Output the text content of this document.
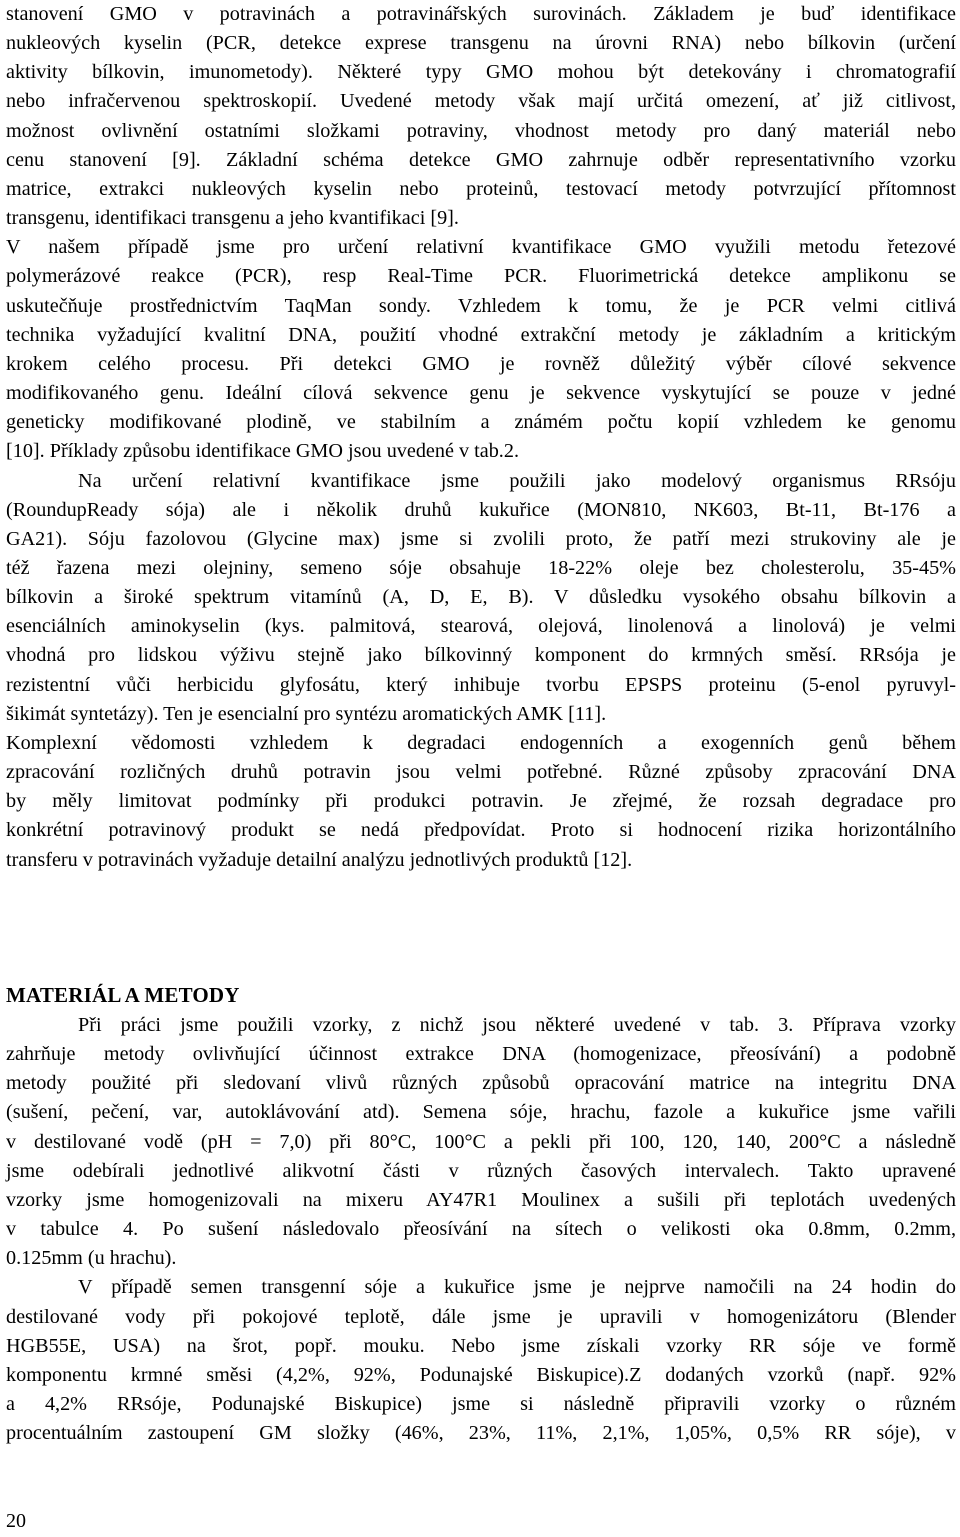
stanovení GMO v potravinách a potravinářských surovinách. Základem je buď identifikace
nukleových kyselin (PCR, detekce exprese transgenu na úrovni RNA) nebo bílkovin (určení
aktivity bílkovin, imunometody). Některé typy GMO mohou být detekovány i chromatografií
nebo infračervenou spektroskopií. Uvedené metody však mají určitá omezení, ať již citlivost,
možnost ovlivnění ostatními složkami potraviny, vhodnost metody pro daný materiál nebo
cenu stanovení [9]. Základní schéma detekce GMO zahrnuje odběr representativního vzorku
matrice, extrakci nukleových kyselin nebo proteinů, testovací metody potvrzující přítomnost
transgenu, identifikaci transgenu a jeho kvantifikaci [9].
V našem případě jsme pro určení relativní kvantifikace GMO využili metodu řetezové
polymerázové reakce (PCR), resp Real-Time PCR. Fluorimetrická detekce amplikonu se
uskutečňuje prostřednictvím TaqMan sondy. Vzhledem k tomu, že je PCR velmi citlivá
technika vyžadující kvalitní DNA, použití vhodné extrakční metody je základním a kritickým
krokem celého procesu. Při detekci GMO je rovněž důležitý výběr cílové sekvence
modifikovaného genu. Ideální cílová sekvence genu je sekvence vyskytující se pouze v jedné
geneticky modifikované plodině, ve stabilním a známém počtu kopií vzhledem ke genomu
[10]. Příklady způsobu identifikace GMO jsou uvedené v tab.2.
Na určení relativní kvantifikace jsme použili jako modelový organismus RRsóju
(RoundupReady sója) ale i několik druhů kukuřice (MON810, NK603, Bt-11, Bt-176 a
GA21). Sóju fazolovou (Glycine max) jsme si zvolili proto, že patří mezi strukoviny ale je
též řazena mezi olejniny, semeno sóje obsahuje 18-22% oleje bez cholesterolu, 35-45%
bílkovin a široké spektrum vitamínů (A, D, E, B). V důsledku vysokého obsahu bílkovin a
esenciálních aminokyselin (kys. palmitová, stearová, olejová, linolenová a linolová) je velmi
vhodná pro lidskou výživu stejně jako bílkovinný komponent do krmných směsí. RRsója je
rezistentní vůči herbicidu glyfosátu, který inhibuje tvorbu EPSPS proteinu (5-enol pyruvyl-
šikimát syntetázy). Ten je esencialní pro syntézu aromatických AMK [11].
Komplexní vědomosti vzhledem k degradaci endogenních a exogenních genů během
zpracování rozličných druhů potravin jsou velmi potřebné. Různé způsoby zpracování DNA
by měly limitovat podmínky při produkci potravin. Je zřejmé, že rozsah degradace pro
konkrétní potravinový produkt se nedá předpovídat. Proto si hodnocení rizika horizontálního
transferu v potravinách vyžaduje detailní analýzu jednotlivých produktů [12].
MATERIÁL A METODY
Při práci jsme použili vzorky, z nichž jsou některé uvedené v tab. 3. Příprava vzorky
zahrňuje metody ovlivňující účinnost extrakce DNA (homogenizace, přeosívání) a podobně
metody použité při sledovaní vlivů různých způsobů opracování matrice na integritu DNA
(sušení, pečení, var, autoklávování atd). Semena sóje, hrachu, fazole a kukuřice jsme vařili
v destilované vodě (pH = 7,0) při 80°C, 100°C a pekli při 100, 120, 140, 200°C a následně
jsme odebírali jednotlivé alikvotní části v různých časových intervalech. Takto upravené
vzorky jsme homogenizovali na mixeru AY47R1 Moulinex a sušili při teplotách uvedených
v tabulce 4. Po sušení následovalo přeosívání na sítech o velikosti oka 0.8mm, 0.2mm,
0.125mm (u hrachu).
V případě semen transgenní sóje a kukuřice jsme je nejprve namočili na 24 hodin do
destilované vody při pokojové teplotě, dále jsme je upravili v homogenizátoru (Blender
HGB55E, USA) na šrot, popř. mouku. Nebo jsme získali vzorky RR sóje ve formě
komponentu krmné směsi (4,2%, 92%, Podunajské Biskupice).Z dodaných vzorků (např. 92%
a 4,2% RRsóje, Podunajské Biskupice) jsme si následně připravili vzorky o různém
procentuálním zastoupení GM složky (46%, 23%, 11%, 2,1%, 1,05%, 0,5% RR sóje), v
20
